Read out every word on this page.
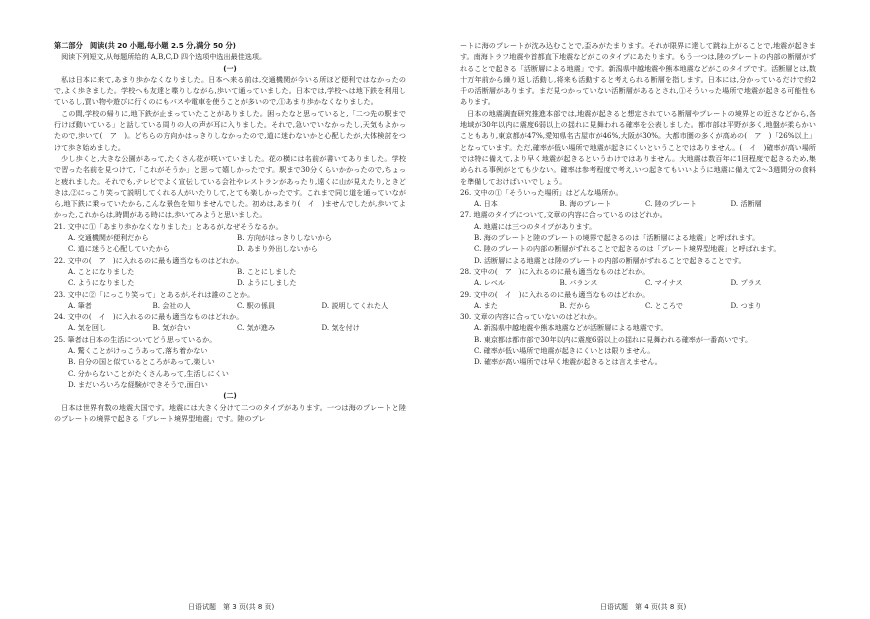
第二部分　阅读(共 20 小题,每小题 2.5 分,满分 50 分)

阅读下列短文,从每题所给的 A,B,C,D 四个选项中选出最佳选项。

(一)

私は日本に来て,あまり歩かなくなりました。日本へ来る前は,交通機関が今いる所ほど便利ではなかったので,よく歩きました。学校へも友達と喋りしながら,歩いて通っていました。日本では,学校へは地下鉄を利用しているし,買い物や遊びに行くのにもバスや電車を使うことが多いので,①あまり歩かなくなりました。

この間,学校の帰りに,地下鉄が止まっていたことがありました。困ったなと思っていると,「二つ先の駅まで行けば動いている」と話している周りの人の声が耳に入りました。それで,急いでいなかったし,天気もよかったので,歩いて(　ア　)。どちらの方向かはっきりしなかったので,道に迷わないかと心配したが,大体検討をつけて歩き始めました。

少し歩くと,大きな公園があって,たくさん花が咲いていました。花の横には名前が書いてありました。学校で習った名前を見つけて,「これがそうか」と思って嬉しかったです。駅まで30分くらいかかったので,ちょっと疲れました。それでも,テレビでよく宣伝している会社やレストランがあったり,遠くに山が見えたり,ときどきは,②にっこり笑って説明してくれる人がいたりして,とても楽しかったです。これまで同じ道を通っていながら,地下鉄に乗っていたから,こんな景色を知りませんでした。初めは,あまり(　イ　)ませんでしたが,歩いてよかった,これからは,時間がある時には,歩いてみようと思いました。

21. 文中に①「あまり歩かなくなりました」とあるが,なぜそうなるか。

A. 交通機関が便利だから	B. 方向がはっきりしないから
C. 道に迷うと心配していたから	D. あまり外出しないから

22. 文中の(　ア　)に入れるのに最も適当なものはどれか。

A. ことになりました	B. ことにしました
C. ようになりました	D. ようにしました

23. 文中に②「にっこり笑って」とあるが,それは誰のことか。

A. 筆者	B. 会社の人	C. 駅の係員	D. 説明してくれた人

24. 文中の(　イ　)に入れるのに最も適当なものはどれか。

A. 気を回し	B. 気が合い	C. 気が進み	D. 気を付け

25. 筆者は日本の生活についてどう思っているか。

A. 驚くことがけっこうあって,落ち着かない

B. 自分の国と似ているところがあって,楽しい

C. 分からないことがたくさんあって,生活しにくい

D. まだいろいろな経験ができそうで,面白い

(二)

日本は世界有数の地震大国です。地震には大きく分けて二つのタイプがあります。一つは海のプレートと陸のプレートの境界で起きる「プレート境界型地震」です。陸のプレ

ートに海のプレートが沈み込むことで,歪みがたまります。それが限界に達して跳ね上がることで,地震が起きます。南海トラフ地震や首都直下地震などがこのタイプにあたります。もう一つは,陸のプレートの内部の断層がずれることで起きる「活断層による地震」です。新潟県中越地震や熊本地震などがこのタイプです。活断層とは,数十万年前から繰り返し活動し,将来も活動すると考えられる断層を指します。日本には,分かっているだけで約2千の活断層があります。まだ見つかっていない活断層があるとされ,①そういった場所で地震が起きる可能性もあります。

日本の地震調査研究推進本部では,地震が起きると想定されている断層やプレートの境界との近さなどから,各地域が30年以内に震度6弱以上の揺れに見舞われる確率を公表しました。都市部は平野が多く,地盤が柔らかいこともあり,東京都が47%,愛知県名古屋市が46%,大阪が30%。大都市圏の多くが高めの(　ア　)「26%以上」となっています。ただ,確率が低い場所で地震が起きにくいということではありません。(　イ　)確率が高い場所では特に備えて,より早く地震が起きるというわけではありません。大地震は数百年に1回程度で起きるため,集められる事例がとても少ない。確率は参考程度で考え,いつ起きてもいいように地震に備えて2〜3週間分の食料を準備しておけばいいでしょう。

26. 文中の①「そういった場所」はどんな場所か。

A. 日本	B. 海のプレート	C. 陸のプレート	D. 活断層

27. 地震のタイプについて,文章の内容に合っているのはどれか。

A. 地震には三つのタイプがあります。

B. 海のプレートと陸のプレートの境界で起きるのは「活断層による地震」と呼ばれます。

C. 陸のプレートの内部の断層がずれることで起きるのは「プレート境界型地震」と呼ばれます。

D. 活断層による地震とは陸のプレートの内部の断層がずれることで起きることです。

28. 文中の(　ア　)に入れるのに最も適当なものはどれか。

A. レベル	B. バランス	C. マイナス	D. プラス

29. 文中の(　イ　)に入れるのに最も適当なものはどれか。

A. また	B. だから	C. ところで	D. つまり

30. 文章の内容に合っていないのはどれか。

A. 新潟県中越地震や熊本地震などが活断層による地震です。

B. 東京都は都市部で30年以内に震度6弱以上の揺れに見舞われる確率が一番高いです。

C. 確率が低い場所で地震が起きにくいとは限りません。

D. 確率が高い場所では早く地震が起きるとは言えません。

日语试题　第 3 页(共 8 页)	日语试题　第 4 页(共 8 页)
